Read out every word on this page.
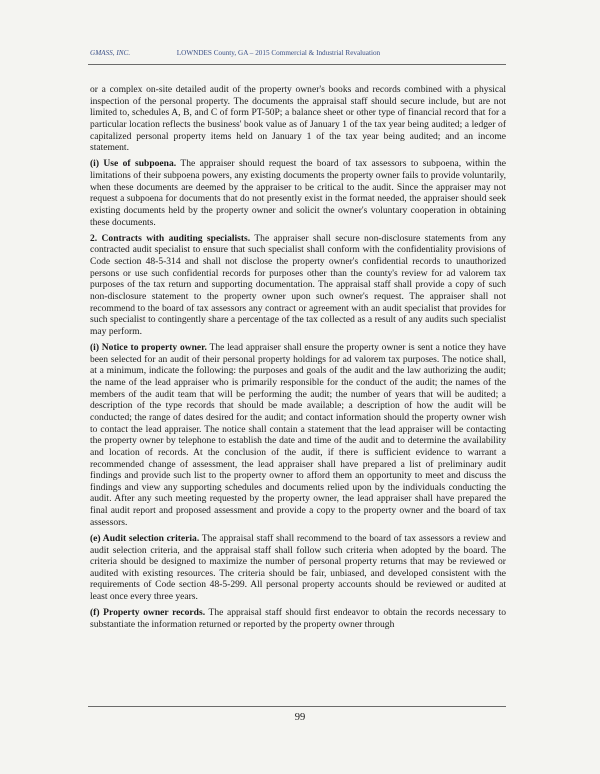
GMASS, INC.	LOWNDES County, GA – 2015 Commercial & Industrial Revaluation

or a complex on-site detailed audit of the property owner's books and records combined with a physical inspection of the personal property. The documents the appraisal staff should secure include, but are not limited to, schedules A, B, and C of form PT-50P; a balance sheet or other type of financial record that for a particular location reflects the business' book value as of January 1 of the tax year being audited; a ledger of capitalized personal property items held on January 1 of the tax year being audited; and an income statement.

(i) Use of subpoena. The appraiser should request the board of tax assessors to subpoena, within the limitations of their subpoena powers, any existing documents the property owner fails to provide voluntarily, when these documents are deemed by the appraiser to be critical to the audit. Since the appraiser may not request a subpoena for documents that do not presently exist in the format needed, the appraiser should seek existing documents held by the property owner and solicit the owner's voluntary cooperation in obtaining these documents.

2. Contracts with auditing specialists. The appraiser shall secure non-disclosure statements from any contracted audit specialist to ensure that such specialist shall conform with the confidentiality provisions of Code section 48-5-314 and shall not disclose the property owner's confidential records to unauthorized persons or use such confidential records for purposes other than the county's review for ad valorem tax purposes of the tax return and supporting documentation. The appraisal staff shall provide a copy of such non-disclosure statement to the property owner upon such owner's request. The appraiser shall not recommend to the board of tax assessors any contract or agreement with an audit specialist that provides for such specialist to contingently share a percentage of the tax collected as a result of any audits such specialist may perform.

(i) Notice to property owner. The lead appraiser shall ensure the property owner is sent a notice they have been selected for an audit of their personal property holdings for ad valorem tax purposes. The notice shall, at a minimum, indicate the following: the purposes and goals of the audit and the law authorizing the audit; the name of the lead appraiser who is primarily responsible for the conduct of the audit; the names of the members of the audit team that will be performing the audit; the number of years that will be audited; a description of the type records that should be made available; a description of how the audit will be conducted; the range of dates desired for the audit; and contact information should the property owner wish to contact the lead appraiser. The notice shall contain a statement that the lead appraiser will be contacting the property owner by telephone to establish the date and time of the audit and to determine the availability and location of records. At the conclusion of the audit, if there is sufficient evidence to warrant a recommended change of assessment, the lead appraiser shall have prepared a list of preliminary audit findings and provide such list to the property owner to afford them an opportunity to meet and discuss the findings and view any supporting schedules and documents relied upon by the individuals conducting the audit. After any such meeting requested by the property owner, the lead appraiser shall have prepared the final audit report and proposed assessment and provide a copy to the property owner and the board of tax assessors.

(e) Audit selection criteria. The appraisal staff shall recommend to the board of tax assessors a review and audit selection criteria, and the appraisal staff shall follow such criteria when adopted by the board. The criteria should be designed to maximize the number of personal property returns that may be reviewed or audited with existing resources. The criteria should be fair, unbiased, and developed consistent with the requirements of Code section 48-5-299. All personal property accounts should be reviewed or audited at least once every three years.

(f) Property owner records. The appraisal staff should first endeavor to obtain the records necessary to substantiate the information returned or reported by the property owner through

99
